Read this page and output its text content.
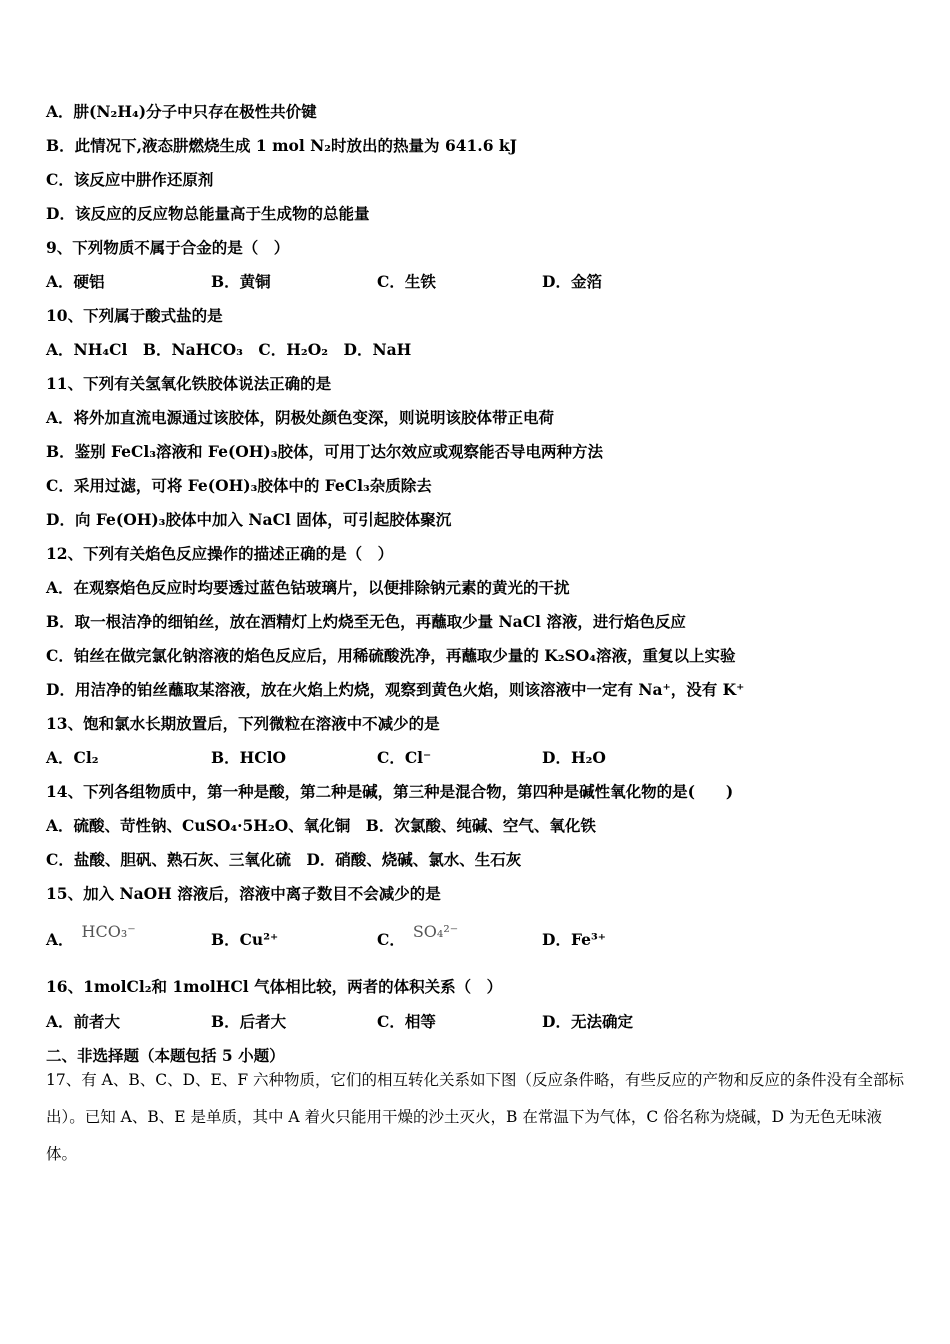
A．肼(N₂H₄)分子中只存在极性共价键
B．此情况下,液态肼燃烧生成 1 mol N₂时放出的热量为 641.6 kJ
C．该反应中肼作还原剂
D．该反应的反应物总能量高于生成物的总能量
9、下列物质不属于合金的是（　）
A．硬铝	B．黄铜	C．生铁	D．金箔
10、下列属于酸式盐的是
A．NH₄Cl　B．NaHCO₃　C．H₂O₂　D．NaH
11、下列有关氢氧化铁胶体说法正确的是
A．将外加直流电源通过该胶体，阴极处颜色变深，则说明该胶体带正电荷
B．鉴别 FeCl₃溶液和 Fe(OH)₃胶体，可用丁达尔效应或观察能否导电两种方法
C．采用过滤，可将 Fe(OH)₃胶体中的 FeCl₃杂质除去
D．向 Fe(OH)₃胶体中加入 NaCl 固体，可引起胶体聚沉
12、下列有关焰色反应操作的描述正确的是（　）
A．在观察焰色反应时均要透过蓝色钴玻璃片，以便排除钠元素的黄光的干扰
B．取一根洁净的细铂丝，放在酒精灯上灼烧至无色，再蘸取少量 NaCl 溶液，进行焰色反应
C．铂丝在做完氯化钠溶液的焰色反应后，用稀硫酸洗净，再蘸取少量的 K₂SO₄溶液，重复以上实验
D．用洁净的铂丝蘸取某溶液，放在火焰上灼烧，观察到黄色火焰，则该溶液中一定有 Na⁺，没有 K⁺
13、饱和氯水长期放置后，下列微粒在溶液中不减少的是
A．Cl₂	B．HClO	C．Cl⁻	D．H₂O
14、下列各组物质中，第一种是酸，第二种是碱，第三种是混合物，第四种是碱性氧化物的是(　　)
A．硫酸、苛性钠、CuSO₄·5H₂O、氧化铜　B．次氯酸、纯碱、空气、氧化铁
C．盐酸、胆矾、熟石灰、三氧化硫　D．硝酸、烧碱、氯水、生石灰
15、加入 NaOH 溶液后，溶液中离子数目不会减少的是
A． HCO₃⁻	B．Cu²⁺	C． SO₄²⁻	D．Fe³⁺
16、1molCl₂和 1molHCl 气体相比较，两者的体积关系（　）
A．前者大	B．后者大	C．相等	D．无法确定
二、非选择题（本题包括 5 小题）
17、有 A、B、C、D、E、F 六种物质，它们的相互转化关系如下图（反应条件略，有些反应的产物和反应的条件没有全部标出）。已知 A、B、E 是单质，其中 A 着火只能用干燥的沙土灭火，B 在常温下为气体，C 俗名称为烧碱，D 为无色无味液体。
